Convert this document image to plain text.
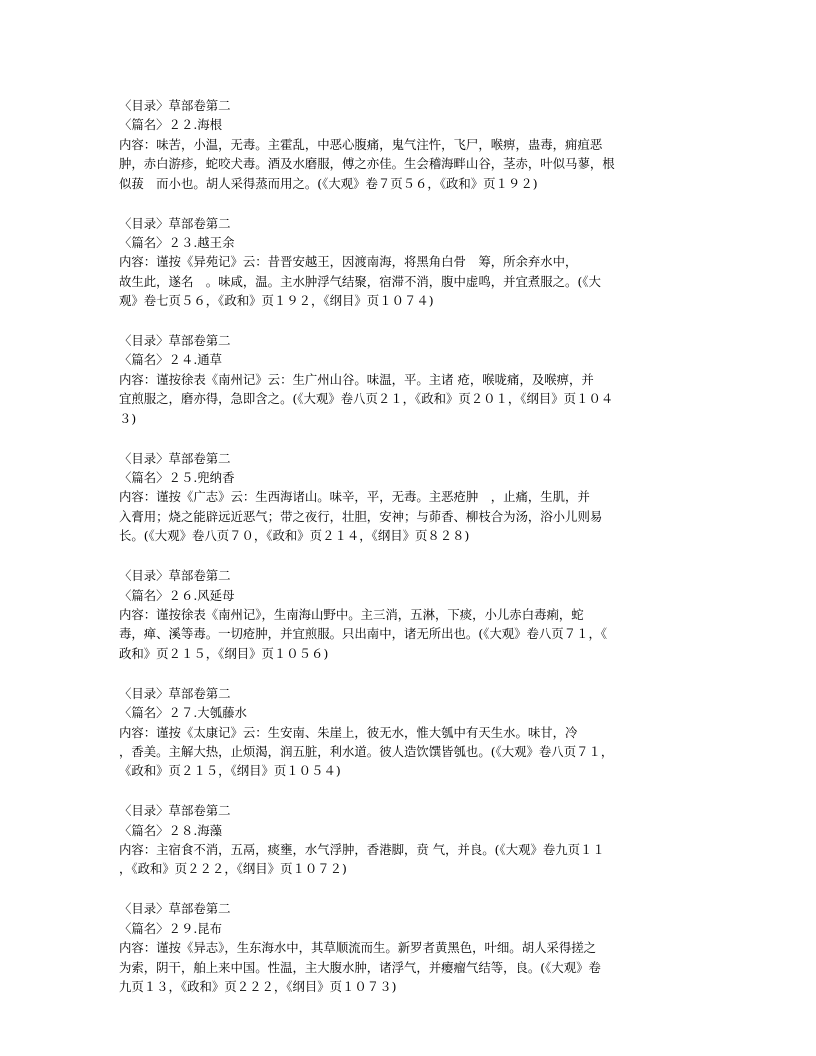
〈目录〉草部卷第二
〈篇名〉２２.海根
内容：味苦，小温，无毒。主霍乱，中恶心腹痛，鬼气注忤，飞尸，喉痹，蛊毒，痈疽恶
肿，赤白游疹，蛇咬犬毒。酒及水磨服，傅之亦佳。生会稽海畔山谷，茎赤，叶似马蓼，根
似菝　而小也。胡人采得蒸而用之。(《大观》卷７页５６，《政和》页１９２)
〈目录〉草部卷第二
〈篇名〉２３.越王余
内容：谨按《异苑记》云：昔晋安越王，因渡南海，将黑角白骨　筹，所余弃水中，
故生此，遂名　。味咸，温。主水肿浮气结聚，宿滞不消，腹中虚鸣，并宜煮服之。(《大
观》卷七页５６，《政和》页１９２，《纲目》页１０７４)
〈目录〉草部卷第二
〈篇名〉２４.通草
内容：谨按徐表《南州记》云：生广州山谷。味温，平。主诸 疮，喉咙痛，及喉痹，并
宜煎服之，磨亦得，急即含之。(《大观》卷八页２１，《政和》页２０１，《纲目》页１０４
３)
〈目录〉草部卷第二
〈篇名〉２５.兜纳香
内容：谨按《广志》云：生西海诸山。味辛，平，无毒。主恶疮肿　，止痛，生肌，并
入膏用；烧之能辟远近恶气；带之夜行，壮胆，安神；与茆香、柳枝合为汤，浴小儿则易
长。(《大观》卷八页７０，《政和》页２１４，《纲目》页８２８)
〈目录〉草部卷第二
〈篇名〉２６.风延母
内容：谨按徐表《南州记》，生南海山野中。主三消，五淋，下痰，小儿赤白毒痢，蛇
毒，瘅、溪等毒。一切疮肿，并宜煎服。只出南中，诸无所出也。(《大观》卷八页７１，《
政和》页２１５，《纲目》页１０５６)
〈目录〉草部卷第二
〈篇名〉２７.大瓠藤水
内容：谨按《太康记》云：生安南、朱崖上，彼无水，惟大瓠中有天生水。味甘，冷
，香美。主解大热，止烦渴，润五脏，利水道。彼人造饮馔皆瓠也。(《大观》卷八页７１，
《政和》页２１５，《纲目》页１０５４)
〈目录〉草部卷第二
〈篇名〉２８.海藻
内容：主宿食不消，五鬲，痰壅，水气浮肿，香港脚，贲 气，并良。(《大观》卷九页１１
，《政和》页２２２，《纲目》页１０７２)
〈目录〉草部卷第二
〈篇名〉２９.昆布
内容：谨按《异志》，生东海水中，其草顺流而生。新罗者黄黑色，叶细。胡人采得搓之
为索，阴干，舶上来中国。性温，主大腹水肿，诸浮气，并瘿瘤气结等，良。(《大观》卷
九页１３，《政和》页２２２，《纲目》页１０７３)
